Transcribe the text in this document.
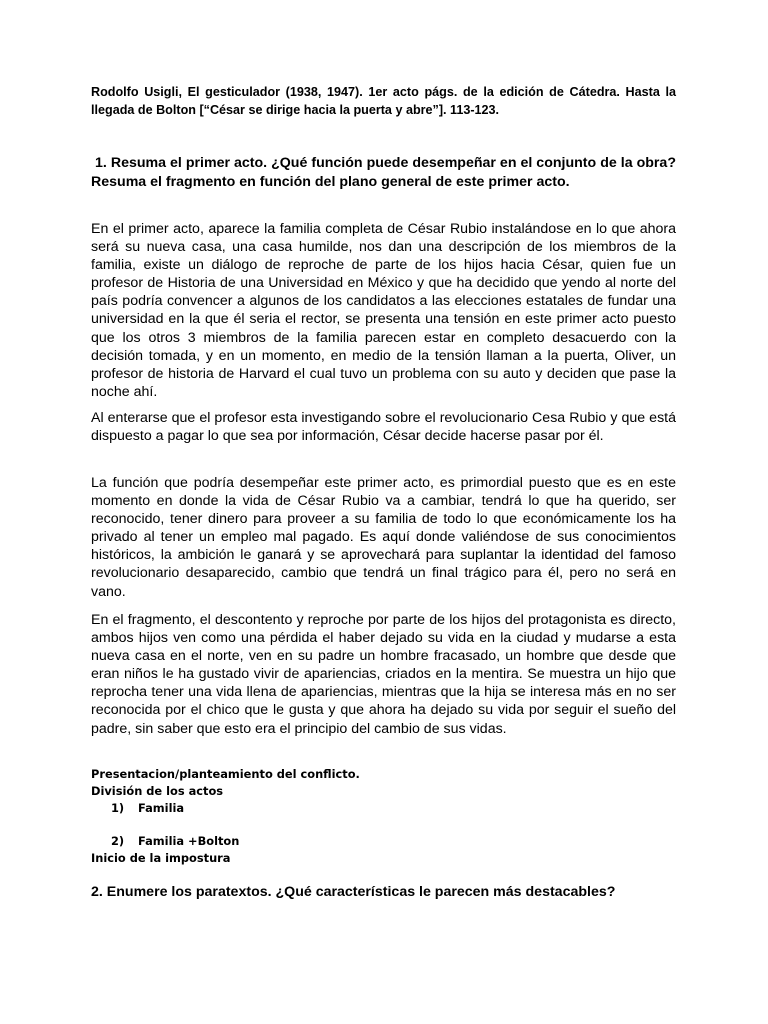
Rodolfo Usigli, El gesticulador (1938, 1947). 1er acto págs. de la edición de Cátedra. Hasta la llegada de Bolton [“César se dirige hacia la puerta y abre”]. 113-123.

1. Resuma el primer acto. ¿Qué función puede desempeñar en el conjunto de la obra?  Resuma el fragmento en función del plano general de este primer acto.

En el primer acto, aparece la familia completa de César Rubio instalándose en lo que ahora será su nueva casa, una casa humilde, nos dan una descripción de los miembros de la familia, existe un diálogo de reproche de parte de los hijos hacia César, quien fue un profesor de Historia de una Universidad en México y que ha decidido que yendo al norte del país podría convencer a algunos de los candidatos a las elecciones estatales de fundar una universidad en la que él seria el rector, se presenta una tensión en este primer acto puesto que los otros 3 miembros de la familia parecen estar en completo desacuerdo con la decisión tomada, y en un momento, en medio de la tensión llaman a la puerta, Oliver, un profesor de historia de Harvard el cual tuvo un problema con su auto y deciden que pase la noche ahí.

Al enterarse que el profesor esta investigando sobre el revolucionario Cesa Rubio y que está dispuesto a pagar lo que sea por información, César decide hacerse pasar por él.

La función que podría desempeñar este primer acto, es primordial puesto que es en este momento en donde la vida de César Rubio va a cambiar, tendrá lo que ha querido, ser reconocido, tener dinero para proveer a su familia de todo lo que económicamente los ha privado al tener un empleo mal pagado. Es aquí donde valiéndose de sus conocimientos históricos, la ambición le ganará y se aprovechará para suplantar la identidad del famoso revolucionario desaparecido, cambio que tendrá un final trágico para él, pero no será en vano.

En el fragmento, el descontento y reproche por parte de los hijos del protagonista es directo, ambos hijos ven como una pérdida el haber dejado su vida en la ciudad y mudarse a esta nueva casa en el norte, ven en su padre un hombre fracasado, un hombre que desde que eran niños le ha gustado vivir de apariencias, criados en la mentira. Se muestra un hijo que reprocha tener una vida llena de apariencias, mientras que la hija se interesa más en no ser reconocida por el chico que le gusta y que ahora ha dejado su vida por seguir el sueño del padre, sin saber que esto era el principio del cambio de sus vidas.

Presentacion/planteamiento del conflicto.
División de los actos
1) Familia
2) Familia +Bolton
Inicio de la impostura

2. Enumere los paratextos. ¿Qué características le parecen más destacables?
